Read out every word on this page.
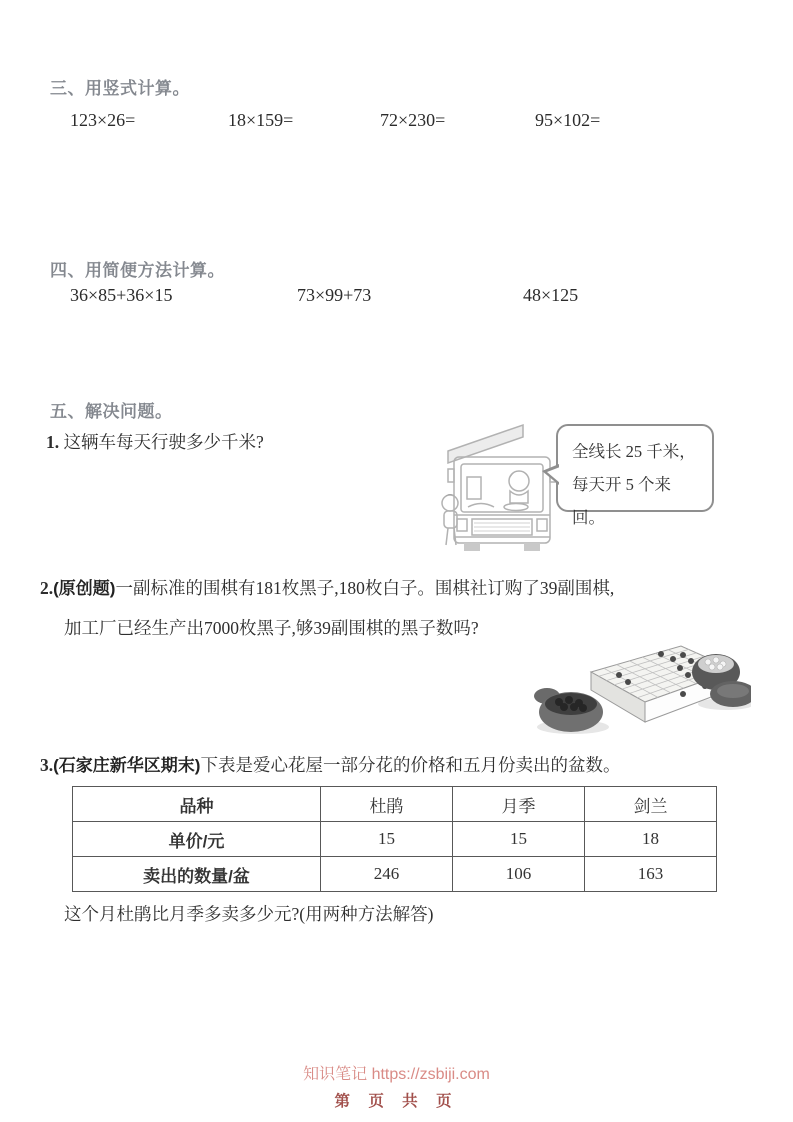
三、用竖式计算。
123×26=	18×159=	72×230=	95×102=
四、用简便方法计算。
36×85+36×15	73×99+73	48×125
五、解决问题。
1. 这辆车每天行驶多少千米?	全线长 25 千米，
每天开 5 个来回。
2.(原创题)一副标准的围棋有181枚黑子,180枚白子。围棋社订购了39副围棋,
加工厂已经生产出7000枚黑子,够39副围棋的黑子数吗?
3.(石家庄新华区期末)下表是爱心花屋一部分花的价格和五月份卖出的盆数。
品种	杜鹃	月季	剑兰
单价/元	15	15	18
卖出的数量/盆	246	106	163
这个月杜鹃比月季多卖多少元?(用两种方法解答)
知识笔记 https://zsbiji.com
第 页 共 页
